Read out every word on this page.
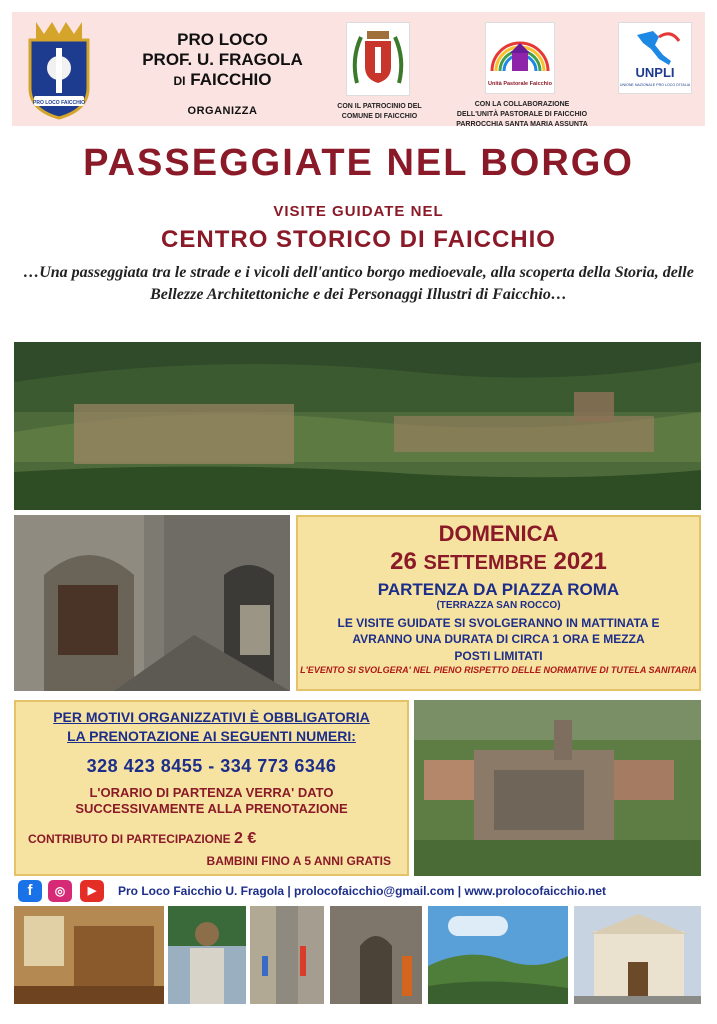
PRO LOCO FAICCHIO
PRO LOCO
PROF. U. FRAGOLA
DI FAICCHIO
ORGANIZZA	CON IL PATROCINIO DEL
COMUNE DI FAICCHIO
Unità Pastorale Faicchio
CON LA COLLABORAZIONE
DELL'UNITÀ PASTORALE DI FAICCHIO
PARROCCHIA SANTA MARIA ASSUNTA
UNPLI
UNIONE NAZIONALE PRO LOCO D'ITALIA
PASSEGGIATE NEL BORGO
VISITE GUIDATE NEL
CENTRO STORICO DI FAICCHIO
…Una passeggiata tra le strade e i vicoli dell'antico borgo medioevale, alla scoperta della Storia, delle Bellezze Architettoniche e dei Personaggi Illustri di Faicchio…
DOMENICA
26 SETTEMBRE 2021
PARTENZA DA PIAZZA ROMA
(TERRAZZA SAN ROCCO)
LE VISITE GUIDATE SI SVOLGERANNO IN MATTINATA E
AVRANNO UNA DURATA DI CIRCA 1 ORA E MEZZA
POSTI LIMITATI
L'EVENTO SI SVOLGERA' NEL PIENO RISPETTO DELLE NORMATIVE DI TUTELA SANITARIA
PER MOTIVI ORGANIZZATIVI È OBBLIGATORIA
LA PRENOTAZIONE AI SEGUENTI NUMERI:
328 423 8455 - 334 773 6346
L'ORARIO DI PARTENZA VERRA' DATO
SUCCESSIVAMENTE ALLA PRENOTAZIONE
CONTRIBUTO DI PARTECIPAZIONE 2 €
BAMBINI FINO A 5 ANNI GRATIS
f	◎	▶	Pro Loco Faicchio U. Fragola | prolocofaicchio@gmail.com | www.prolocofaicchio.net
